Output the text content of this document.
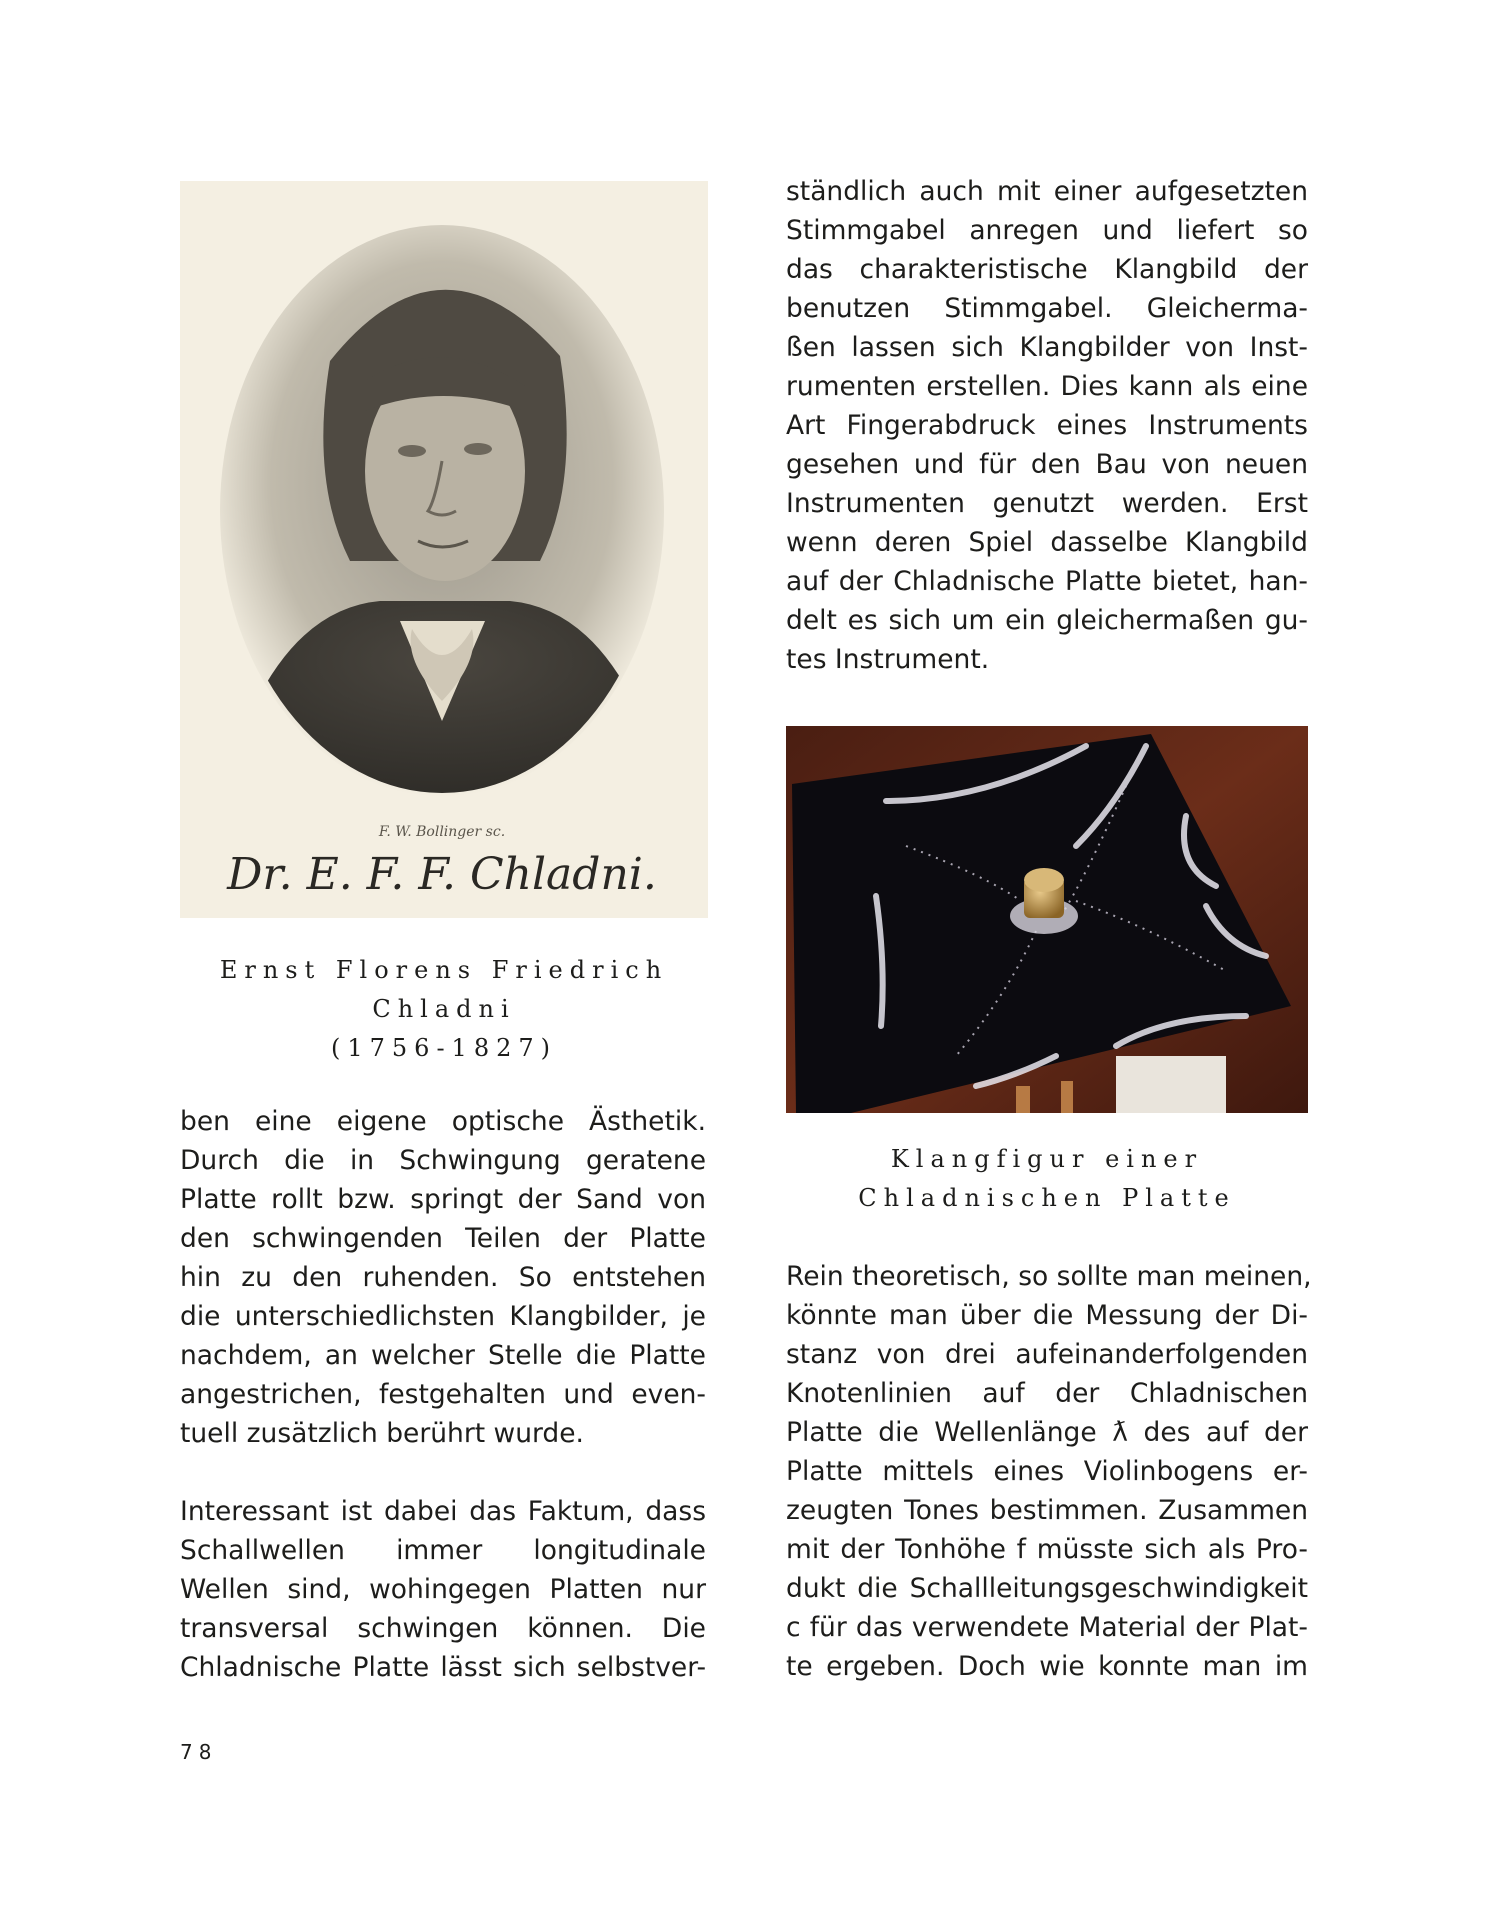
F. W. Bollinger sc.
Dr. E. F. F. Chladni.
Ernst Florens Friedrich
Chladni
(1756-1827)

ben eine eigene optische Ästhetik.
Durch die in Schwingung geratene
Platte rollt bzw. springt der Sand von
den schwingenden Teilen der Platte
hin zu den ruhenden. So entstehen
die unterschiedlichsten Klangbilder, je
nachdem, an welcher Stelle die Platte
angestrichen, festgehalten und even-
tuell zusätzlich berührt wurde.

Interessant ist dabei das Faktum, dass
Schallwellen immer longitudinale
Wellen sind, wohingegen Platten nur
transversal schwingen können. Die
Chladnische Platte lässt sich selbstver-

ständlich auch mit einer aufgesetzten
Stimmgabel anregen und liefert so
das charakteristische Klangbild der
benutzen Stimmgabel. Gleicherma-
ßen lassen sich Klangbilder von Inst-
rumenten erstellen. Dies kann als eine
Art Fingerabdruck eines Instruments
gesehen und für den Bau von neuen
Instrumenten genutzt werden. Erst
wenn deren Spiel dasselbe Klangbild
auf der Chladnische Platte bietet, han-
delt es sich um ein gleichermaßen gu-
tes Instrument.

Klangfigur einer
Chladnischen Platte

Rein theoretisch, so sollte man meinen,
könnte man über die Messung der Di-
stanz von drei aufeinanderfolgenden
Knotenlinien auf der Chladnischen
Platte die Wellenlänge ƛ des auf der
Platte mittels eines Violinbogens er-
zeugten Tones bestimmen. Zusammen
mit der Tonhöhe f müsste sich als Pro-
dukt die Schallleitungsgeschwindigkeit
c für das verwendete Material der Plat-
te ergeben. Doch wie konnte man im

78
